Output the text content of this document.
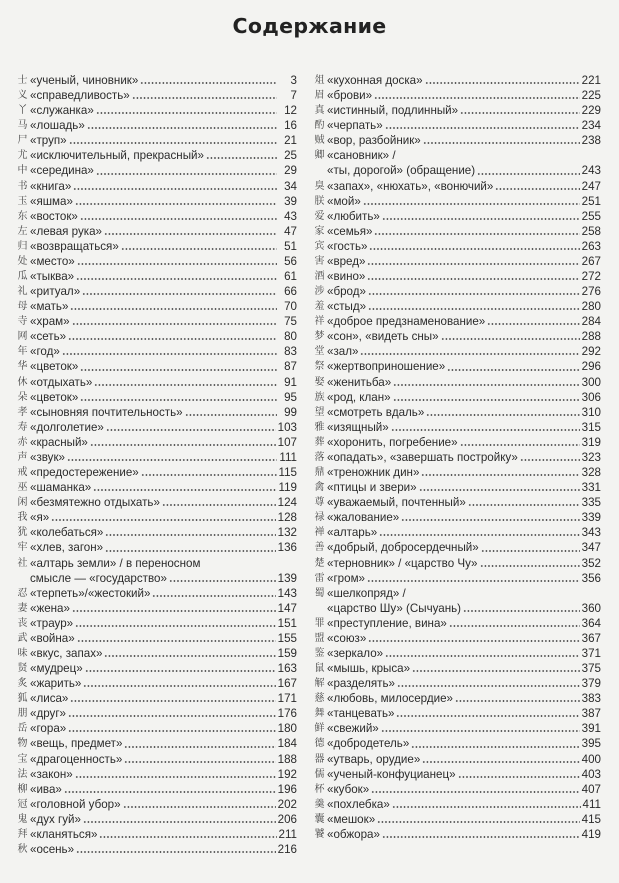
Содержание
士 «ученый, чиновник»	3
义 «справедливость»	7
丫 «служанка»	12
马 «лошадь»	16
尸 «труп»	21
尤 «исключительный, прекрасный»	25
中 «середина»	29
书 «книга»	34
玉 «яшма»	39
东 «восток»	43
左 «левая рука»	47
归 «возвращаться»	51
处 «место»	56
瓜 «тыква»	61
礼 «ритуал»	66
母 «мать»	70
寺 «храм»	75
网 «сеть»	80
年 «год»	83
华 «цветок»	87
休 «отдыхать»	91
朵 «цветок»	95
孝 «сыновняя почтительность»	99
寿 «долголетие»	103
赤 «красный»	107
声 «звук»	111
戒 «предостережение»	115
巫 «шаманка»	119
闲 «безмятежно отдыхать»	124
我 «я»	128
犹 «колебаться»	132
牢 «хлев, загон»	136
社 «алтарь земли» / в переносном
смысле — «государство»	139
忍 «терпеть»/«жестокий»	143
妻 «жена»	147
丧 «траур»	151
武 «война»	155
味 «вкус, запах»	159
贤 «мудрец»	163
炙 «жарить»	167
狐 «лиса»	171
朋 «друг»	176
岳 «гора»	180
物 «вещь, предмет»	184
宝 «драгоценность»	188
法 «закон»	192
柳 «ива»	196
冠 «головной убор»	202
鬼 «дух гуй»	206
拜 «кланяться»	211
秋 «осень»	216
俎 «кухонная доска»	221
眉 «брови»	225
真 «истинный, подлинный»	229
酌 «черпать»	234
贼 «вор, разбойник»	238
卿 «сановник» /
«ты, дорогой» (обращение)	243
臭 «запах», «нюхать», «вонючий»	247
朕 «мой»	251
爱 «любить»	255
家 «семья»	258
宾 «гость»	263
害 «вред»	267
酒 «вино»	272
涉 «брод»	276
羞 «стыд»	280
祥 «доброе предзнаменование»	284
梦 «сон», «видеть сны»	288
堂 «зал»	292
祭 «жертвоприношение»	296
娶 «женитьба»	300
族 «род, клан»	306
望 «смотреть вдаль»	310
雅 «изящный»	315
葬 «хоронить, погребение»	319
落 «опадать», «завершать постройку»	323
鼎 «треножник дин»	328
禽 «птицы и звери»	331
尊 «уважаемый, почтенный»	335
禄 «жалование»	339
禅 «алтарь»	343
善 «добрый, добросердечный»	347
楚 «терновник» / «царство Чу»	352
雷 «гром»	356
蜀 «шелкопряд» /
«царство Шу» (Сычуань)	360
罪 «преступление, вина»	364
盟 «союз»	367
鉴 «зеркало»	371
鼠 «мышь, крыса»	375
解 «разделять»	379
慈 «любовь, милосердие»	383
舞 «танцевать»	387
鲜 «свежий»	391
德 «добродетель»	395
器 «утварь, орудие»	400
儒 «ученый-конфуцианец»	403
杯 «кубок»	407
羹 «похлебка»	411
囊 «мешок»	415
饕 «обжора»	419
